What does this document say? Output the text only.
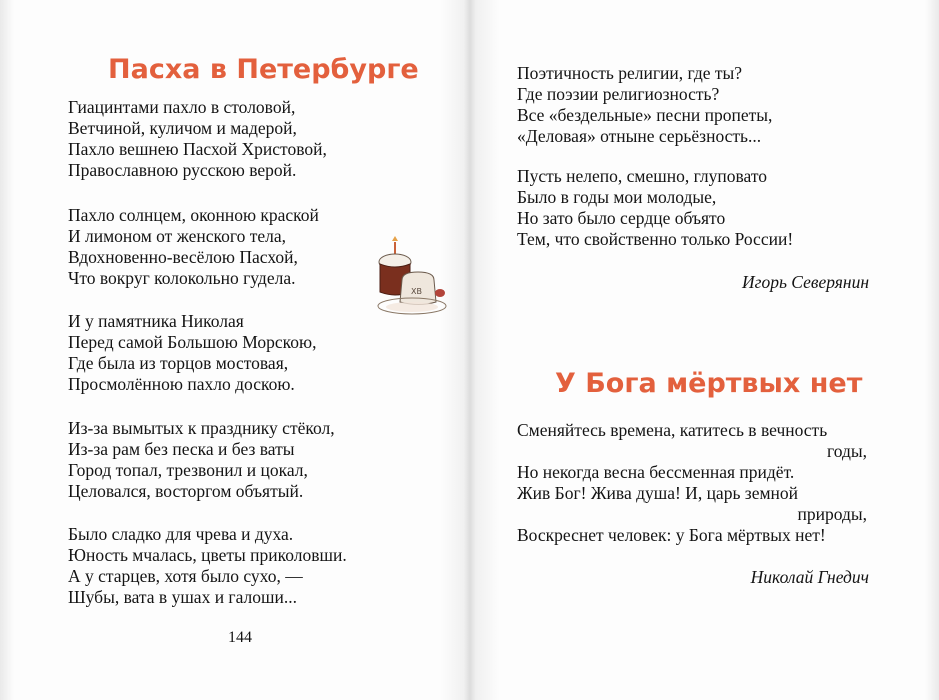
Пасха в Петербурге
Гиацинтами пахло в столовой,
Ветчиной, куличом и мадерой,
Пахло вешнею Пасхой Христовой,
Православною русскою верой.
Пахло солнцем, оконною краской
И лимоном от женского тела,
Вдохновенно-весёлою Пасхой,
Что вокруг колокольно гудела.
И у памятника Николая
Перед самой Большою Морскою,
Где была из торцов мостовая,
Просмолённою пахло доскою.
Из-за вымытых к празднику стёкол,
Из-за рам без песка и без ваты
Город топал, трезвонил и цокал,
Целовался, восторгом объятый.
Было сладко для чрева и духа.
Юность мчалась, цветы приколовши.
А у старцев, хотя было сухо, —
Шубы, вата в ушах и галоши...
ХВ
144
Поэтичность религии, где ты?
Где поэзии религиозность?
Все «бездельные» песни пропеты,
«Деловая» отныне серьёзность...
Пусть нелепо, смешно, глуповато
Было в годы мои молодые,
Но зато было сердце объято
Тем, что свойственно только России!
Игорь Северянин
У Бога мёртвых нет
Сменяйтесь времена, катитесь в вечность
годы,
Но некогда весна бессменная придёт.
Жив Бог! Жива душа! И, царь земной
природы,
Воскреснет человек: у Бога мёртвых нет!
Николай Гнедич
